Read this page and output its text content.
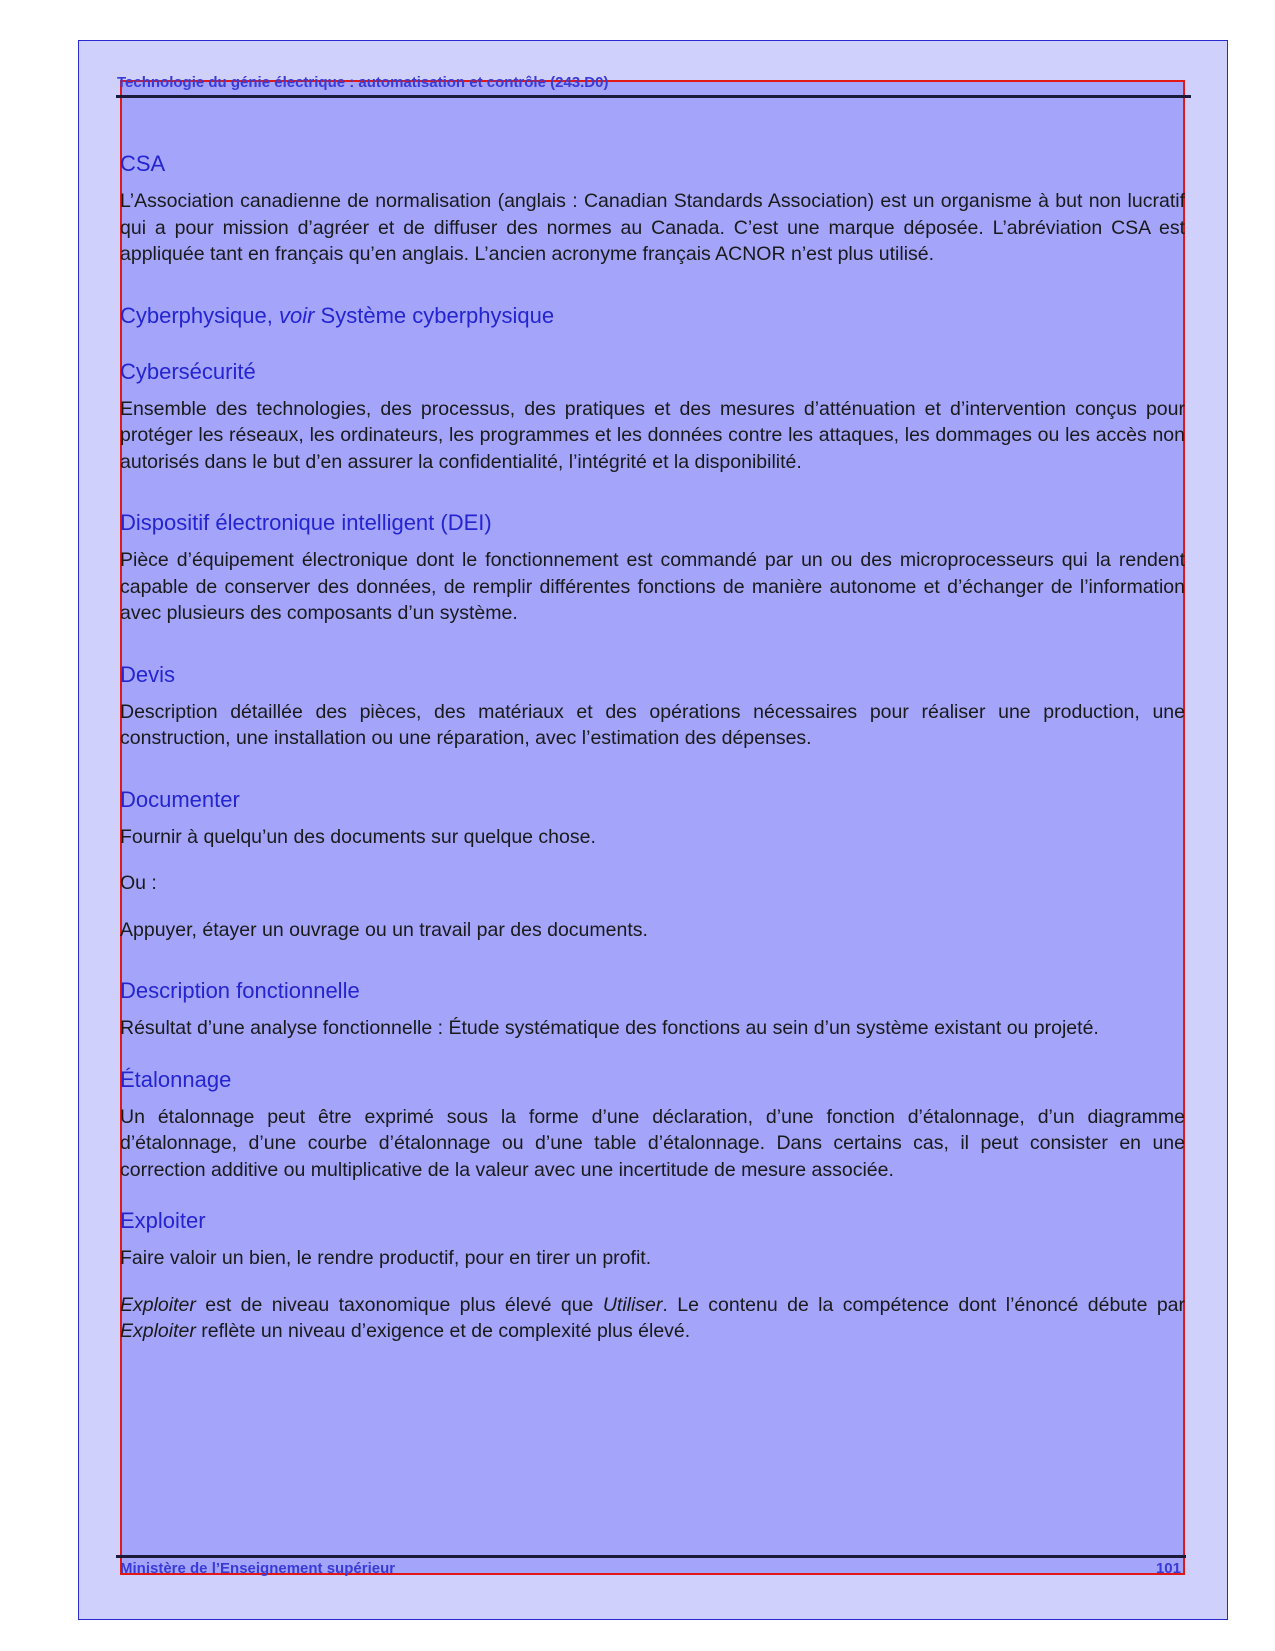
Technologie du génie électrique : automatisation et contrôle (243.D0)
CSA
L’Association canadienne de normalisation (anglais : Canadian Standards Association) est un organisme à but non lucratif qui a pour mission d’agréer et de diffuser des normes au Canada. C’est une marque déposée. L’abréviation CSA est appliquée tant en français qu’en anglais. L’ancien acronyme français ACNOR n’est plus utilisé.
Cyberphysique, voir Système cyberphysique
Cybersécurité
Ensemble des technologies, des processus, des pratiques et des mesures d’atténuation et d’intervention conçus pour protéger les réseaux, les ordinateurs, les programmes et les données contre les attaques, les dommages ou les accès non autorisés dans le but d’en assurer la confidentialité, l’intégrité et la disponibilité.
Dispositif électronique intelligent (DEI)
Pièce d’équipement électronique dont le fonctionnement est commandé par un ou des microprocesseurs qui la rendent capable de conserver des données, de remplir différentes fonctions de manière autonome et d’échanger de l’information avec plusieurs des composants d’un système.
Devis
Description détaillée des pièces, des matériaux et des opérations nécessaires pour réaliser une production, une construction, une installation ou une réparation, avec l’estimation des dépenses.
Documenter
Fournir à quelqu’un des documents sur quelque chose.
Ou :
Appuyer, étayer un ouvrage ou un travail par des documents.
Description fonctionnelle
Résultat d’une analyse fonctionnelle : Étude systématique des fonctions au sein d’un système existant ou projeté.
Étalonnage
Un étalonnage peut être exprimé sous la forme d’une déclaration, d’une fonction d’étalonnage, d’un diagramme d’étalonnage, d’une courbe d’étalonnage ou d’une table d’étalonnage. Dans certains cas, il peut consister en une correction additive ou multiplicative de la valeur avec une incertitude de mesure associée.
Exploiter
Faire valoir un bien, le rendre productif, pour en tirer un profit.
Exploiter est de niveau taxonomique plus élevé que Utiliser. Le contenu de la compétence dont l’énoncé débute par Exploiter reflète un niveau d’exigence et de complexité plus élevé.
Ministère de l’Enseignement supérieur	101
